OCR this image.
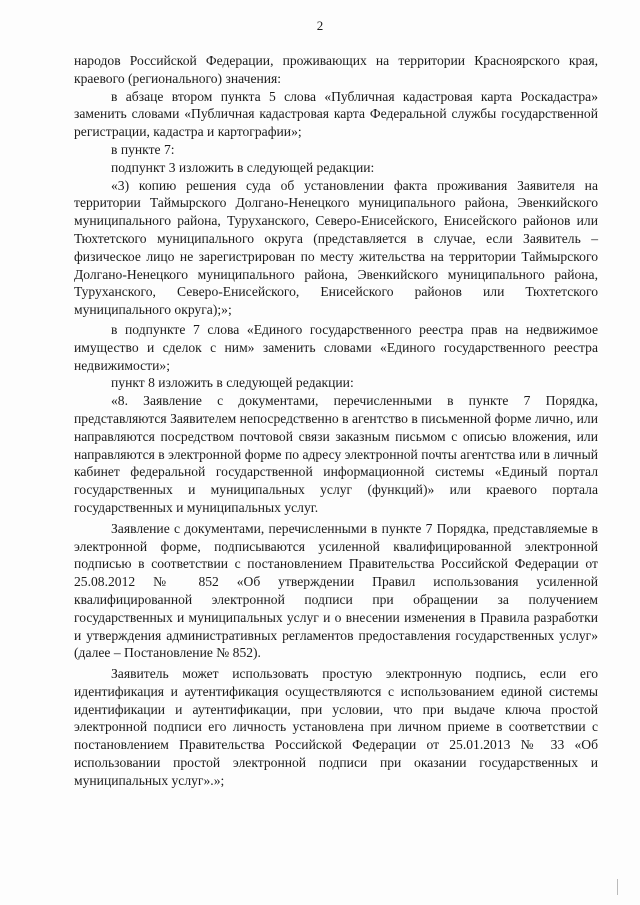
2

народов Российской Федерации, проживающих на территории Красноярского края, краевого (регионального) значения:

в абзаце втором пункта 5 слова «Публичная кадастровая карта Роскадастра» заменить словами «Публичная кадастровая карта Федеральной службы государственной регистрации, кадастра и картографии»;

в пункте 7:

подпункт 3 изложить в следующей редакции:

«3) копию решения суда об установлении факта проживания Заявителя на территории Таймырского Долгано-Ненецкого муниципального района, Эвенкийского муниципального района, Туруханского, Северо-Енисейского, Енисейского районов или Тюхтетского муниципального округа (представляется в случае, если Заявитель – физическое лицо не зарегистрирован по месту жительства на территории Таймырского Долгано-Ненецкого муниципального района, Эвенкийского муниципального района, Туруханского, Северо-Енисейского, Енисейского районов или Тюхтетского муниципального округа);»;

в подпункте 7 слова «Единого государственного реестра прав на недвижимое имущество и сделок с ним» заменить словами «Единого государственного реестра недвижимости»;

пункт 8 изложить в следующей редакции:

«8. Заявление с документами, перечисленными в пункте 7 Порядка, представляются Заявителем непосредственно в агентство в письменной форме лично, или направляются посредством почтовой связи заказным письмом с описью вложения, или направляются в электронной форме по адресу электронной почты агентства или в личный кабинет федеральной государственной информационной системы «Единый портал государственных и муниципальных услуг (функций)» или краевого портала государственных и муниципальных услуг.

Заявление с документами, перечисленными в пункте 7 Порядка, представляемые в электронной форме, подписываются усиленной квалифицированной электронной подписью в соответствии с постановлением Правительства Российской Федерации от 25.08.2012 № 852 «Об утверждении Правил использования усиленной квалифицированной электронной подписи при обращении за получением государственных и муниципальных услуг и о внесении изменения в Правила разработки и утверждения административных регламентов предоставления государственных услуг» (далее – Постановление № 852).

Заявитель может использовать простую электронную подпись, если его идентификация и аутентификация осуществляются с использованием единой системы идентификации и аутентификации, при условии, что при выдаче ключа простой электронной подписи его личность установлена при личном приеме в соответствии с постановлением Правительства Российской Федерации от 25.01.2013 № 33 «Об использовании простой электронной подписи при оказании государственных и муниципальных услуг».»;
